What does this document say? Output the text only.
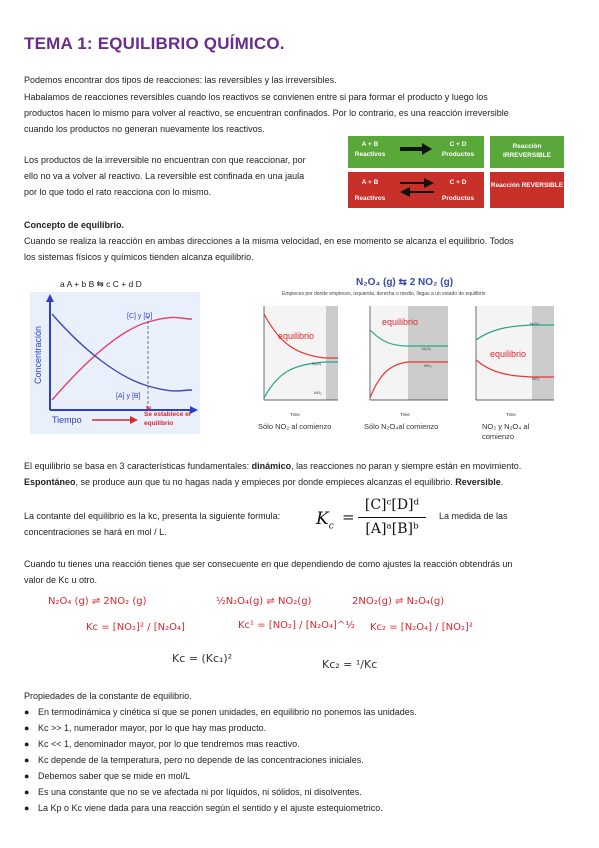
TEMA 1: EQUILIBRIO QUÍMICO.
Podemos encontrar dos tipos de reacciones: las reversibles y las irreversibles.
Habalamos de reacciones reversibles cuando los reactivos se convienen entre si para formar el producto y luego los
productos hacen lo mismo para volver al reactivo, se encuentran confinados. Por lo contrario, es una reacción irreversible
cuando los productos no generan nuevamente los reactivos.
Los productos de la irreversible no encuentran con que reaccionar, por
ello no va a volver al reactivo. La reversible est confinada en una jaula
por lo que todo el rato reacciona con lo mismo.
A + B
Reactivos
C + D
Productos
Reacción IRREVERSIBLE
A + B
Reactivos
C + D
Productos
Reacción REVERSIBLE
Concepto de equilibrio.
Cuando se realiza la reacción en ambas direcciones a la misma velocidad, en ese momento se alcanza el equilibrio. Todos
los sistemas físicos y químicos tienden alcanza equilibrio.
a A + b B ⇆ c C + d D
Concentración
[C] y [D]
[A] y [B]
te
Tiempo
Se establece el equilibrio
N₂O₄ (g) ⇆ 2 NO₂ (g)
Empieces por donde empieces, izquierda, derecha o medio, llegas a un estado de equilibrio
equilibrio
N₂O₄
NO₂
Time
Sólo NO₂ al comienzo
equilibrio
N₂O₄
NO₂
Time
Sólo N₂O₄al comienzo
equilibrio
N₂O₄
NO₂
Time
NO₂ y N₂O₄ al comienzo
El equilibrio se basa en 3 características fundamentales: dinámico, las reacciones no paran y siempre están en movimiento.
Espontáneo, se produce aun que tu no hagas nada y empieces por donde empieces alcanzas el equilibrio. Reversible.
La contante del equilibrio es la kc, presenta la siguiente formula:
concentraciones se hará en mol / L.
La medida de las
$K_c$
=
[C]ᶜ[D]ᵈ
[A]ᵃ[B]ᵇ
Cuando tu tienes una reacción tienes que ser consecuente en que dependiendo de como ajustes la reacción obtendrás un
valor de Kc u otro.
N₂O₄ (g) ⇌ 2NO₂ (g)	½N₂O₄(g) ⇌ NO₂(g)	2NO₂(g) ⇌ N₂O₄(g)
Kc = [NO₂]² / [N₂O₄]	Kc¹ = [NO₂] / [N₂O₄]^½ Kc₂ = [N₂O₄] / [NO₂]²
Kc = (Kc₁)²	Kc₂ = ¹/Kc
Propiedades de la constante de equilibrio.
● En termodinámica y cinética si que se ponen unidades, en equilibrio no ponemos las unidades.
● Kc >> 1, numerador mayor, por lo que hay mas producto.
● Kc << 1, denominador mayor, por lo que tendremos mas reactivo.
● Kc depende de la temperatura, pero no depende de las concentraciones iniciales.
● Debemos saber que se mide en mol/L
● Es una constante que no se ve afectada ni por líquidos, ni sólidos, ni disolventes.
● La Kp o Kc viene dada para una reacción según el sentido y el ajuste estequiometrico.
